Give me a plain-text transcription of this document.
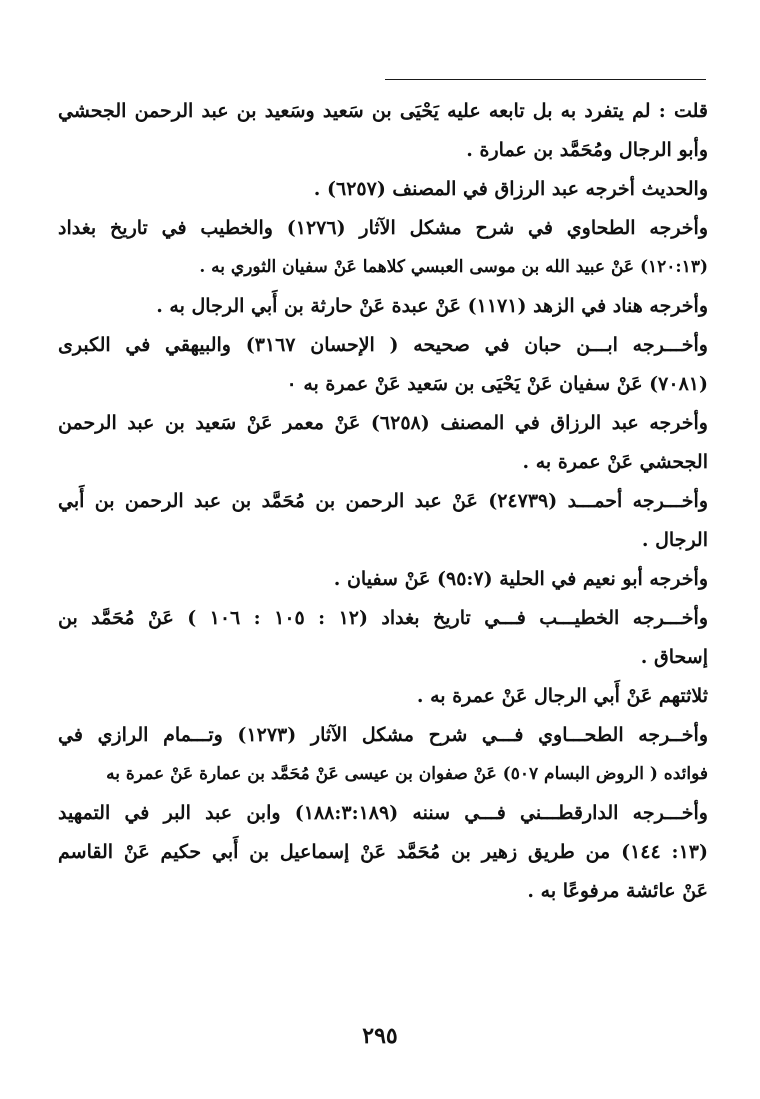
قلت : لم يتفرد به بل تابعه عليه يَحْيَى بن سَعيد وسَعيد بن عبد الرحمن الجحشي
وأبو الرجال ومُحَمَّد بن عمارة .
والحديث أخرجه عبد الرزاق في المصنف (٦٢٥٧) .
وأخرجه الطحاوي في شرح مشكل الآثار (١٢٧٦) والخطيب في تاريخ بغداد
(١٢٠:١٣) عَنْ عبيد الله بن موسى العبسي كلاهما عَنْ سفيان الثوري به .
وأخرجه هناد في الزهد (١١٧١) عَنْ عبدة عَنْ حارثة بن أَبي الرجال به .
وأخـــرجه ابـــن حبان في صحيحه ( الإحسان ٣١٦٧) والبيهقي في الكبرى
(٧٠٨١) عَنْ سفيان عَنْ يَحْيَى بن سَعيد عَنْ عمرة به ٠
وأخرجه عبد الرزاق في المصنف (٦٢٥٨) عَنْ معمر عَنْ سَعيد بن عبد الرحمن
الجحشي عَنْ عمرة به .
وأخـــرجه أحمـــد (٢٤٧٣٩) عَنْ عبد الرحمن بن مُحَمَّد بن عبد الرحمن بن أَبي
الرجال .
وأخرجه أبو نعيم في الحلية (٩٥:٧) عَنْ سفيان .
وأخـــرجه الخطيـــب فـــي تاريخ بغداد (١٢ : ١٠٥ : ١٠٦ ) عَنْ مُحَمَّد بن
إسحاق .
ثلاثتهم عَنْ أَبي الرجال عَنْ عمرة به .
وأخــرجه الطحـــاوي فـــي شرح مشكل الآثار (١٢٧٣) وتـــمام الرازي في
فوائده ( الروض البسام ٥٠٧) عَنْ صفوان بن عيسى عَنْ مُحَمَّد بن عمارة عَنْ عمرة به
وأخـــرجه الدارقطـــني فـــي سننه (١٨٨:٣:١٨٩) وابن عبد البر في التمهيد
(١٣: ١٤٤) من طريق زهير بن مُحَمَّد عَنْ إسماعيل بن أَبي حكيم عَنْ القاسم
عَنْ عائشة مرفوعًا به .
٢٩٥
